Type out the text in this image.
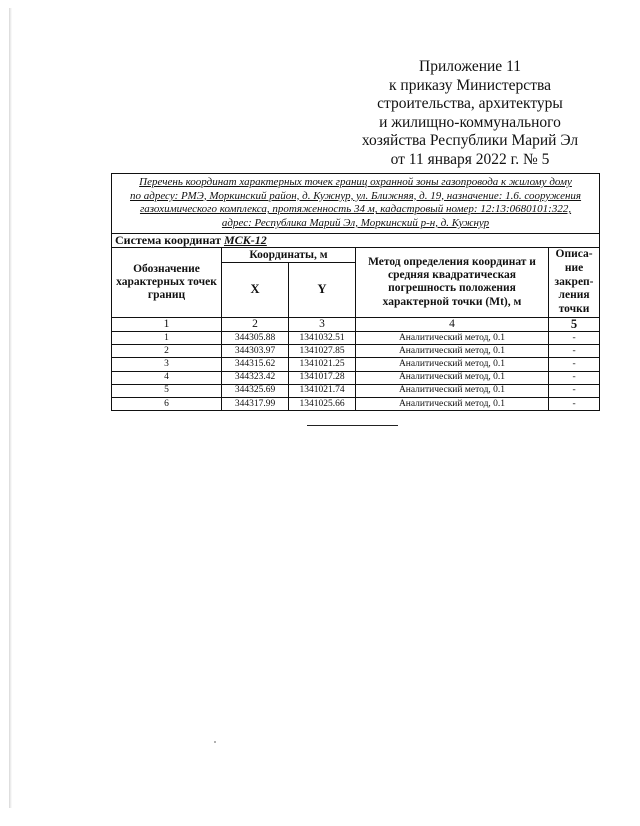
Приложение 11
к приказу Министерства
строительства, архитектуры
и жилищно-коммунального
хозяйства Республики Марий Эл
от 11 января 2022 г. № 5
Перечень координат характерных точек границ охранной зоны газопровода к жилому дому
по адресу: РМЭ, Моркинский район, д. Кужнур, ул. Ближняя, д. 19, назначение: 1.6. сооружения
газохимического комплекса, протяженность 34 м, кадастровый номер: 12:13:0680101:322,
адрес: Республика Марий Эл, Моркинский р-н, д. Кужнур				

Система координат МСК-12				
Обозначение характерных точек границ	Координаты, м		Метод определения координат и средняя квадратическая погрешность положения характерной точки (Mt), м	Описа-
ние
закреп-
ления
точки

	X	Y		
1	2	3	4	5
1	344305.88	1341032.51	Аналитический метод, 0.1	-
2	344303.97	1341027.85	Аналитический метод, 0.1	-
3	344315.62	1341021.25	Аналитический метод, 0.1	-
4	344323.42	1341017.28	Аналитический метод, 0.1	-
5	344325.69	1341021.74	Аналитический метод, 0.1	-
6	344317.99	1341025.66	Аналитический метод, 0.1	-
